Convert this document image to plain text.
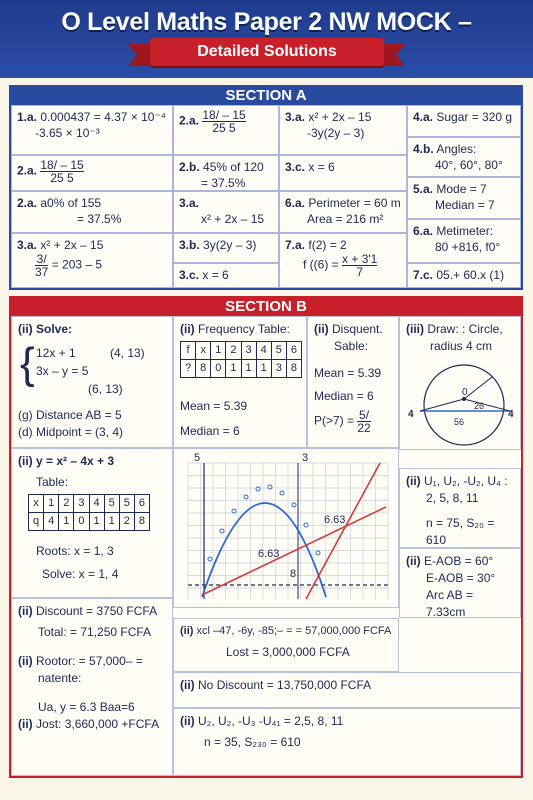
O Level Maths Paper 2 NW MOCK –
Detailed Solutions
SECTION A
1.a. 0.000437 = 4.37 × 10⁻⁴
-3.65 × 10⁻³
2.a. $\frac{18/ - 15}{25 5}$	3.a. x² + 2x – 15
-3y(2y – 3)
4.a. Sugar = 320 g
2.a. $\frac{18/ - 15}{25 5}$	2.b. 45% of 120
= 37.5%
3.c. x = 6
4.b. Angles:
40°, 60°, 80°
2.a. a0% of 155
= 37.5%
3.a.
x² + 2x – 15
6.a. Perimeter = 60 m
Area = 216 m²
5.a. Mode = 7
Median = 7
3.a. x² + 2x – 15
$\frac{3/}{37} = 203 - 5$
3.b. 3y(2y – 3)
3.c. x = 6
7.a. f(2) = 2
f ($(6) = \frac{x + 3'1}{7}$
6.a. Metimeter:
80 +816, f0°
7.c. 05.+ 60.x (1)
SECTION B
(ii) Solve:
{ 12x + 1
3x – y = 5
(4, 13)
(6, 13)
(g) Distance AB = 5
(d) Midpoint = (3, 4)
(ii) Frequency Table:
f	x	1	2	3	4	5	6
?	8	0	1	1	1	3	8
Mean = 5.39
Median = 6
(ii) Disquent.
Sable:
Mean = 5.39
Median = 6
$P(>7) = \frac{5/}{22}$
(iii) Draw: : Circle,
radius 4 cm
0
4	4
26
56
(ii) y = x² – 4x + 3
Table:
x	1	2	3	4	5	5	6
q	4	1	0	1	1	2	8
Roots: x = 1, 3
Solve: x = 1, 4
5	3
6.63
6.63
8
(ii) U₁, U₂, -U₂, U₄ :
2, 5, 8, 11
n = 75, S₂₀ = 610
(ii) E-AOB = 60°
E-AOB = 30°
Arc AB = 7.33cm
(ii) Discount = 3750 FCFA
Total: = 71,250 FCFA
(ii) Rootor: = 57,000– =
natente:
Ua, y = 6.3 Baa=6
(ii) Jost: 3,660,000 +FCFA
(ii) xcl –47, -6y, -85;– = = 57,000,000 FCFA
Lost = 3,000,000 FCFA
(ii) No Discount = 13,750,000 FCFA
(ii) U₂, U₂, -U₃ -U₄₁ = 2,5, 8, 11
n = 35, S₂₃₀ = 610
